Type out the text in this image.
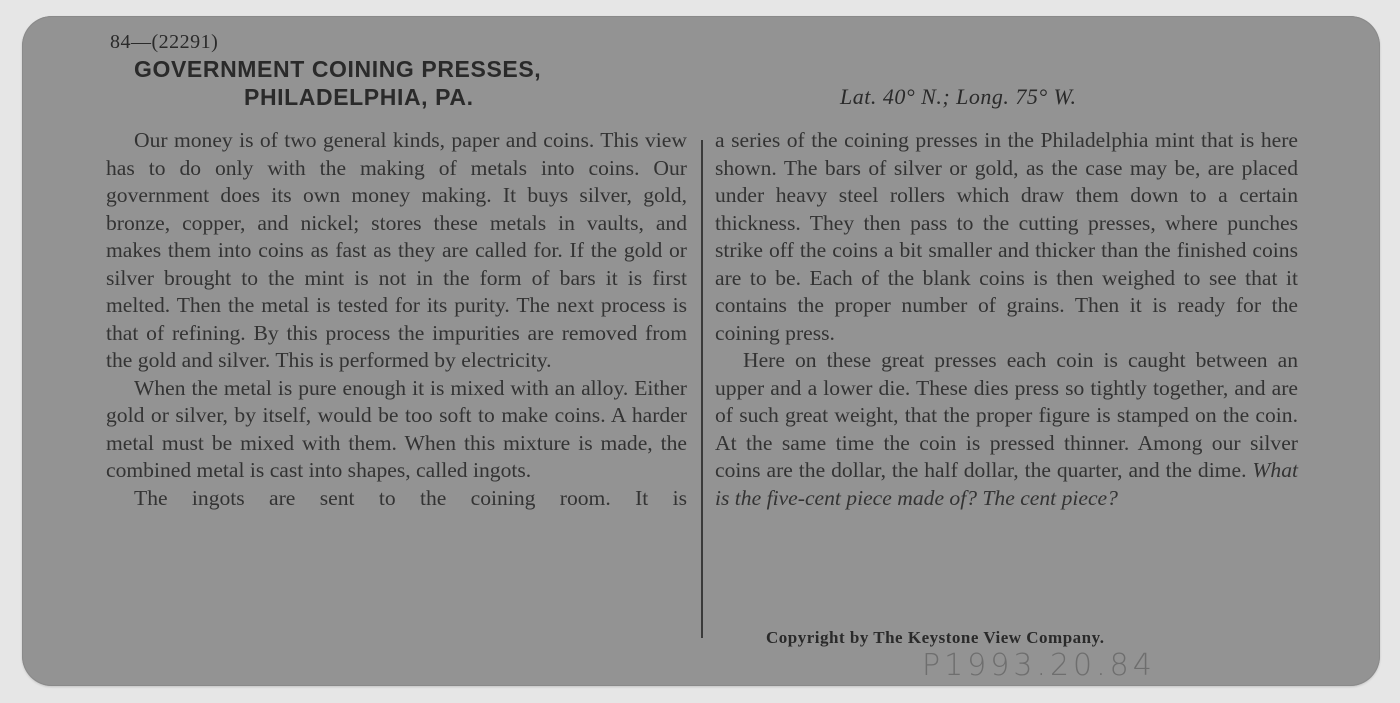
84—(22291)
GOVERNMENT COINING PRESSES,
PHILADELPHIA, PA.	Lat. 40° N.; Long. 75° W.

Our money is of two general kinds, paper and coins. This view has to do only with the making of metals into coins. Our government does its own money making. It buys silver, gold, bronze, copper, and nickel; stores these metals in vaults, and makes them into coins as fast as they are called for. If the gold or silver brought to the mint is not in the form of bars it is first melted. Then the metal is tested for its purity. The next process is that of refining. By this process the impurities are removed from the gold and silver. This is performed by electricity.

When the metal is pure enough it is mixed with an alloy. Either gold or silver, by itself, would be too soft to make coins. A harder metal must be mixed with them. When this mixture is made, the combined metal is cast into shapes, called ingots.

The ingots are sent to the coining room. It is

a series of the coining presses in the Philadelphia mint that is here shown. The bars of silver or gold, as the case may be, are placed under heavy steel rollers which draw them down to a certain thickness. They then pass to the cutting presses, where punches strike off the coins a bit smaller and thicker than the finished coins are to be. Each of the blank coins is then weighed to see that it contains the proper number of grains. Then it is ready for the coining press.

Here on these great presses each coin is caught between an upper and a lower die. These dies press so tightly together, and are of such great weight, that the proper figure is stamped on the coin. At the same time the coin is pressed thinner. Among our silver coins are the dollar, the half dollar, the quarter, and the dime. What is the five-cent piece made of? The cent piece?

Copyright by The Keystone View Company.
P1993.20.84
